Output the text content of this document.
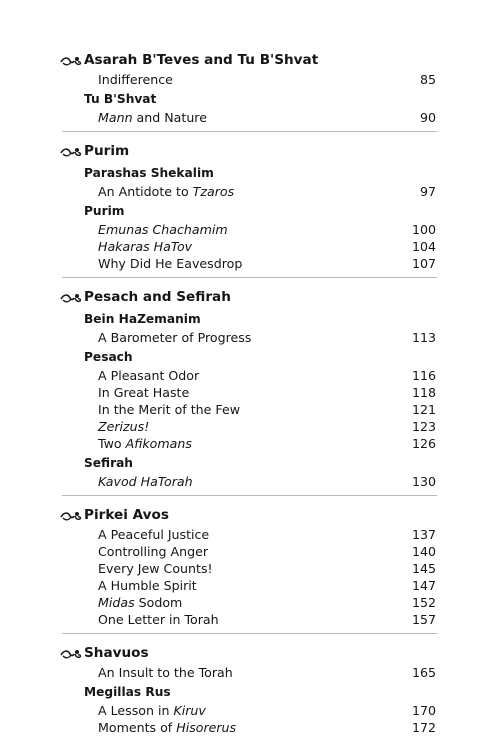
Asarah B'Teves and Tu B'Shvat
Indifference	85
Tu B'Shvat
Mann and Nature	90
Purim
Parashas Shekalim
An Antidote to Tzaros	97
Purim
Emunas Chachamim	100
Hakaras HaTov	104
Why Did He Eavesdrop	107
Pesach and Sefirah
Bein HaZemanim
A Barometer of Progress	113
Pesach
A Pleasant Odor	116
In Great Haste	118
In the Merit of the Few	121
Zerizus!	123
Two Afikomans	126
Sefirah
Kavod HaTorah	130
Pirkei Avos
A Peaceful Justice	137
Controlling Anger	140
Every Jew Counts!	145
A Humble Spirit	147
Midas Sodom	152
One Letter in Torah	157
Shavuos
An Insult to the Torah	165
Megillas Rus
A Lesson in Kiruv	170
Moments of Hisorerus	172
